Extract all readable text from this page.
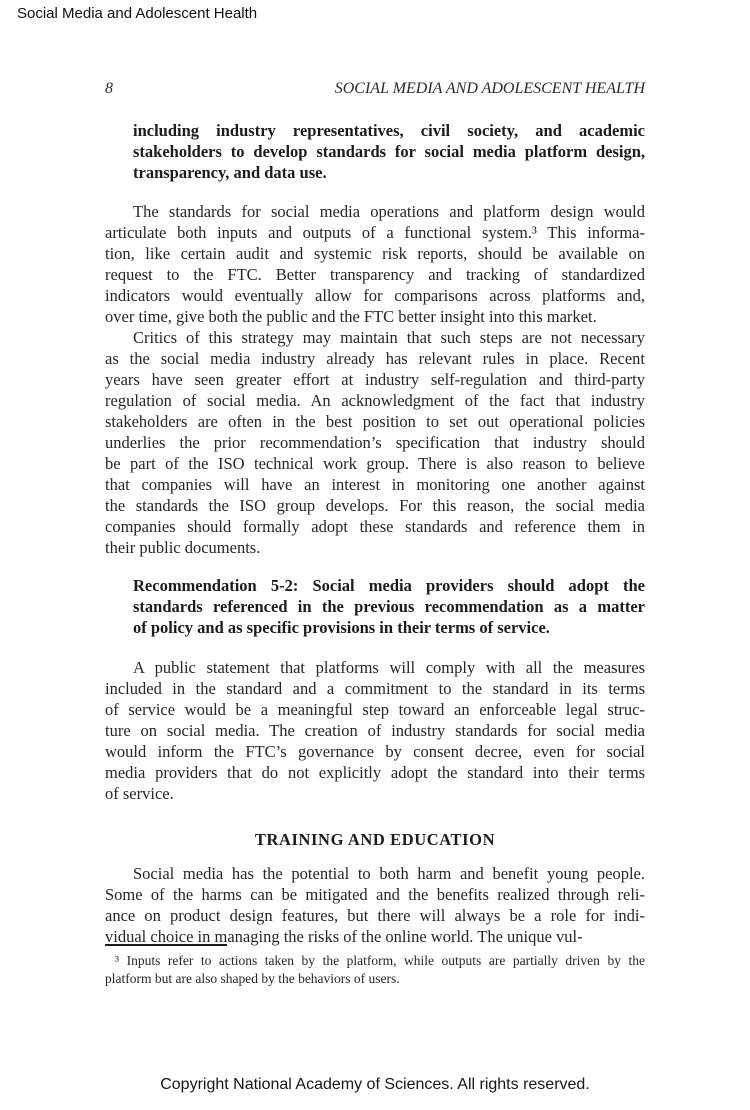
Social Media and Adolescent Health
8	SOCIAL MEDIA AND ADOLESCENT HEALTH
including industry representatives, civil society, and academic
stakeholders to develop standards for social media platform design,
transparency, and data use.
The standards for social media operations and platform design would
articulate both inputs and outputs of a functional system.³ This informa-
tion, like certain audit and systemic risk reports, should be available on
request to the FTC. Better transparency and tracking of standardized
indicators would eventually allow for comparisons across platforms and,
over time, give both the public and the FTC better insight into this market.
Critics of this strategy may maintain that such steps are not necessary
as the social media industry already has relevant rules in place. Recent
years have seen greater effort at industry self-regulation and third-party
regulation of social media. An acknowledgment of the fact that industry
stakeholders are often in the best position to set out operational policies
underlies the prior recommendation’s specification that industry should
be part of the ISO technical work group. There is also reason to believe
that companies will have an interest in monitoring one another against
the standards the ISO group develops. For this reason, the social media
companies should formally adopt these standards and reference them in
their public documents.
Recommendation 5-2: Social media providers should adopt the
standards referenced in the previous recommendation as a matter
of policy and as specific provisions in their terms of service.
A public statement that platforms will comply with all the measures
included in the standard and a commitment to the standard in its terms
of service would be a meaningful step toward an enforceable legal struc-
ture on social media. The creation of industry standards for social media
would inform the FTC’s governance by consent decree, even for social
media providers that do not explicitly adopt the standard into their terms
of service.
TRAINING AND EDUCATION
Social media has the potential to both harm and benefit young people.
Some of the harms can be mitigated and the benefits realized through reli-
ance on product design features, but there will always be a role for indi-
vidual choice in managing the risks of the online world. The unique vul-
³ Inputs refer to actions taken by the platform, while outputs are partially driven by the
platform but are also shaped by the behaviors of users.
Copyright National Academy of Sciences. All rights reserved.
